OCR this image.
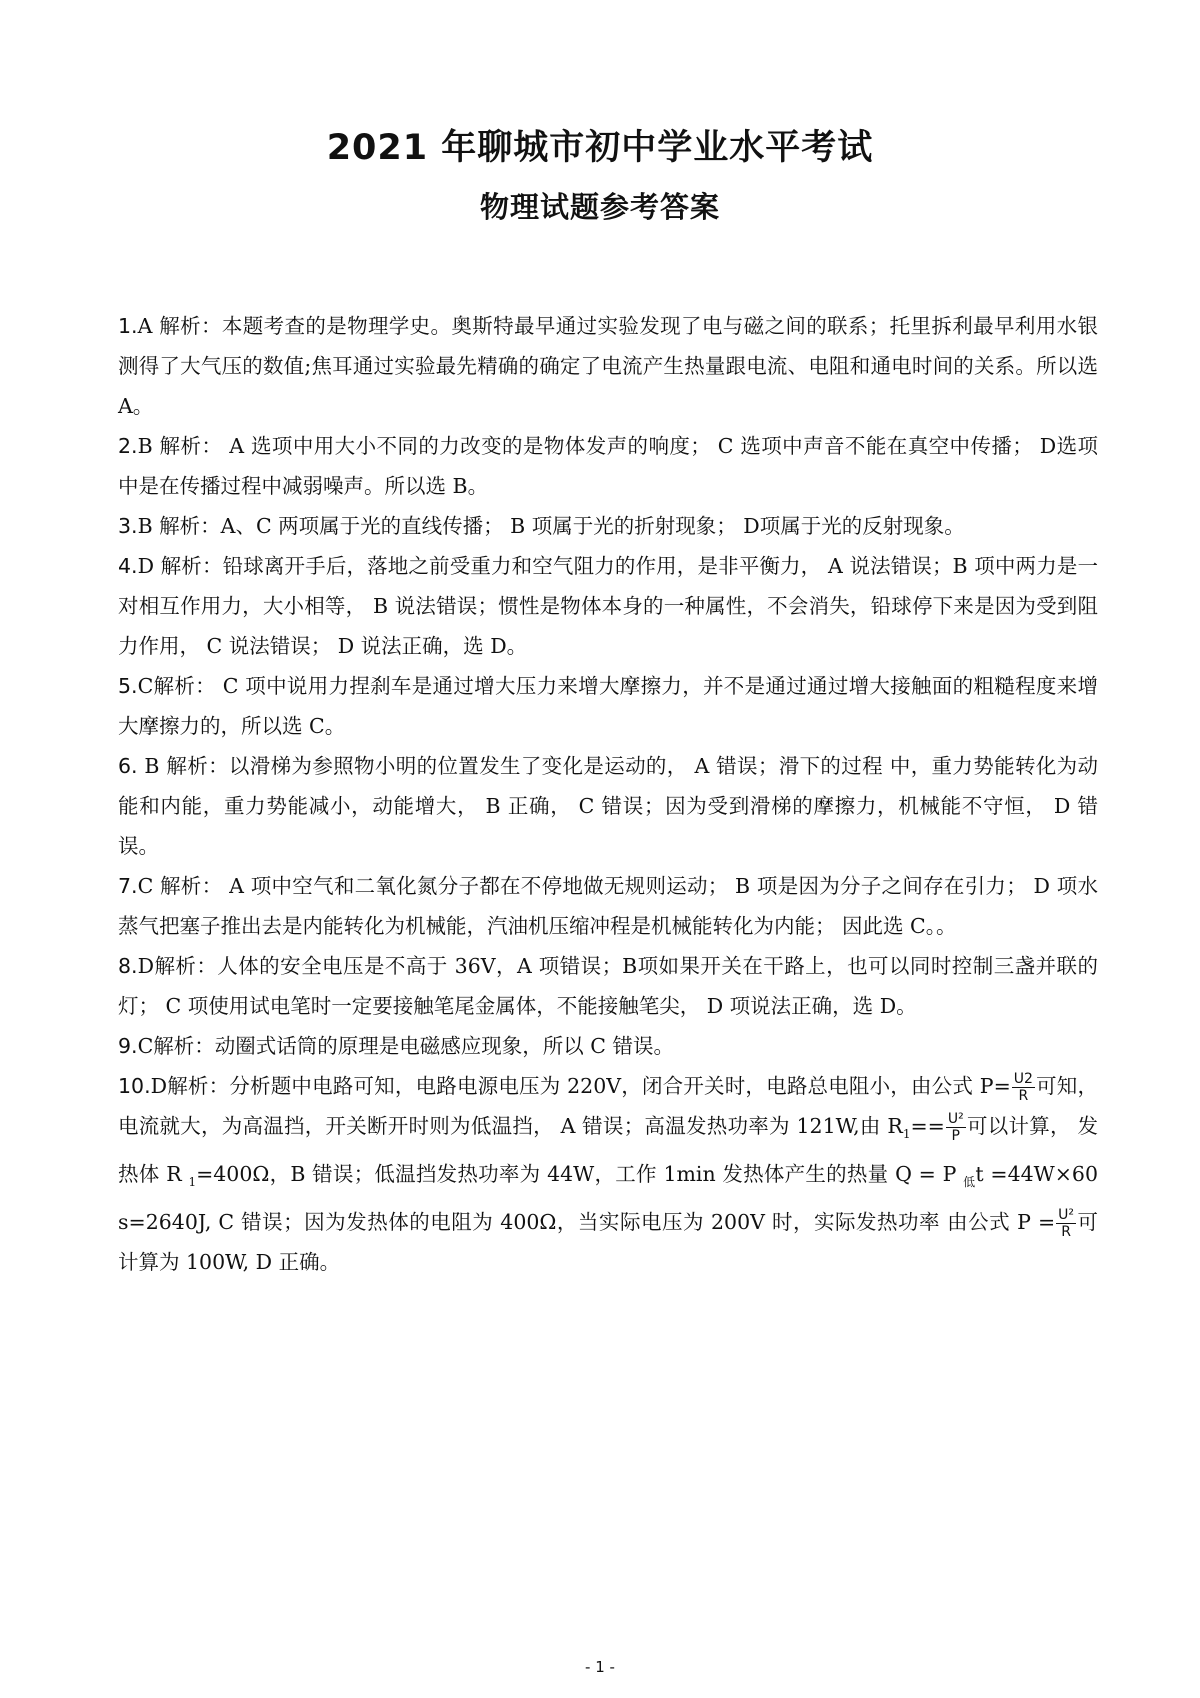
2021 年聊城市初中学业水平考试
物理试题参考答案

1.A 解析：本题考查的是物理学史。奥斯特最早通过实验发现了电与磁之间的联系；托里拆利最早利用水银测得了大气压的数值;焦耳通过实验最先精确的确定了电流产生热量跟电流、电阻和通电时间的关系。所以选 A。

2.B 解析： A 选项中用大小不同的力改变的是物体发声的响度； C 选项中声音不能在真空中传播； D选项中是在传播过程中减弱噪声。所以选 B。

3.B 解析：A、C 两项属于光的直线传播； B 项属于光的折射现象； D项属于光的反射现象。

4.D 解析：铅球离开手后，落地之前受重力和空气阻力的作用，是非平衡力， A 说法错误；B 项中两力是一对相互作用力，大小相等， B 说法错误；惯性是物体本身的一种属性，不会消失，铅球停下来是因为受到阻力作用， C 说法错误； D 说法正确，选 D。

5.C解析： C 项中说用力捏刹车是通过增大压力来增大摩擦力，并不是通过通过增大接触面的粗糙程度来增大摩擦力的，所以选 C。

6. B 解析：以滑梯为参照物小明的位置发生了变化是运动的， A 错误；滑下的过程 中，重力势能转化为动能和内能，重力势能减小，动能增大， B 正确， C 错误；因为受到滑梯的摩擦力，机械能不守恒， D 错误。

7.C 解析： A 项中空气和二氧化氮分子都在不停地做无规则运动； B 项是因为分子之间存在引力； D 项水蒸气把塞子推出去是内能转化为机械能，汽油机压缩冲程是机械能转化为内能； 因此选 C。。

8.D解析：人体的安全电压是不高于 36V，A 项错误；B项如果开关在干路上，也可以同时控制三盏并联的灯； C 项使用试电笔时一定要接触笔尾金属体，不能接触笔尖， D 项说法正确，选 D。

9.C解析：动圈式话筒的原理是电磁感应现象，所以 C 错误。

10.D解析：分析题中电路可知，电路电源电压为 220V，闭合开关时，电路总电阻小，由公式 $P= \frac{U2}{R}$ 可知，电流就大，为高温挡，开关断开时则为低温挡， A 错误；高温发热功率为 121W,由 $R_1== \frac{\text{U²}}{P}$ 可以计算， 发热体 R $_1$=400Ω，B 错误；低温挡发热功率为 44W，工作 1min 发热体产生的热量 Q = P $_低$t =44W×60s=2640J, C 错误；因为发热体的电阻为 400Ω，当实际电压为 200V 时，实际发热功率 由公式 $P = \frac{\text{U²}}{R}$ 可计算为 100W, D 正确。

- 1 -
